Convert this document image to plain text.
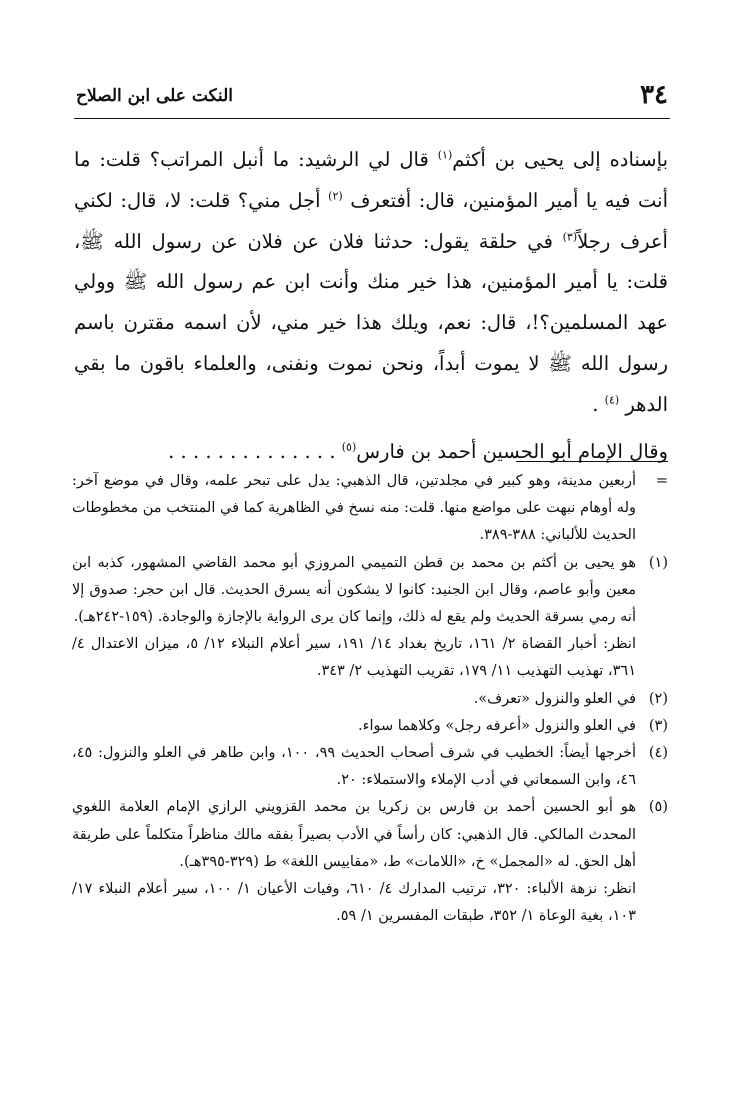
٣٤
النكت على ابن الصلاح

بإسناده إلى يحيى بن أكثم$^{(١)}$ قال لي الرشيد: ما أنبل المراتب؟ قلت: ما أنت فيه يا أمير المؤمنين، قال: أفتعرف $^{(٢)}$ أجل مني؟ قلت: لا، قال: لكني أعرف رجلاً$^{(٣)}$ في حلقة يقول: حدثنا فلان عن فلان عن رسول الله ﷺ، قلت: يا أمير المؤمنين، هذا خير منك وأنت ابن عم رسول الله ﷺ وولي عهد المسلمين؟!، قال: نعم، ويلك هذا خير مني، لأن اسمه مقترن باسم رسول الله ﷺ لا يموت أبداً، ونحن نموت ونفنى، والعلماء باقون ما بقي الدهر $^{(٤)}$ .

وقال الإمام أبو الحسين أحمد بن فارس$^{(٥)}$ . . . . . . . . . . . . . .

=

أربعين مدينة، وهو كبير في مجلدتين، قال الذهبي: يدل على تبحر علمه، وقال في موضع آخر: وله أوهام نبهت على مواضع منها. قلت: منه نسخ في الظاهرية كما في المنتخب من مخطوطات الحديث للألباني: ٣٨٨-٣٨٩.

(١)

هو يحيى بن أكثم بن محمد بن قطن التميمي المروزي أبو محمد القاضي المشهور، كذبه ابن معين وأبو عاصم، وقال ابن الجنيد: كانوا لا يشكون أنه يسرق الحديث. قال ابن حجر: صدوق إلا أنه رمي بسرقة الحديث ولم يقع له ذلك، وإنما كان يرى الرواية بالإجازة والوجادة. (١٥٩-٢٤٢هـ).

انظر: أخبار القضاة ٢/ ١٦١، تاريخ بغداد ١٤/ ١٩١، سير أعلام النبلاء ١٢/ ٥، ميزان الاعتدال ٤/ ٣٦١، تهذيب التهذيب ١١/ ١٧٩، تقريب التهذيب ٢/ ٣٤٣.

(٢)

في العلو والنزول «تعرف».

(٣)

في العلو والنزول «أعرفه رجل» وكلاهما سواء.

(٤)

أخرجها أيضاً: الخطيب في شرف أصحاب الحديث ٩٩، ١٠٠، وابن طاهر في العلو والنزول: ٤٥، ٤٦، وابن السمعاني في أدب الإملاء والاستملاء: ٢٠.

(٥)

هو أبو الحسين أحمد بن فارس بن زكريا بن محمد القزويني الرازي الإمام العلامة اللغوي المحدث المالكي. قال الذهبي: كان رأساً في الأدب بصيراً بفقه مالك مناظراً متكلماً على طريقة أهل الحق. له «المجمل» خ، «اللامات» ط، «مقاييس اللغة» ط (٣٢٩-٣٩٥هـ).

انظر: نزهة الألباء: ٣٢٠، ترتيب المدارك ٤/ ٦١٠، وفيات الأعيان ١/ ١٠٠، سير أعلام النبلاء ١٧/ ١٠٣، بغية الوعاة ١/ ٣٥٢، طبقات المفسرين ١/ ٥٩.
